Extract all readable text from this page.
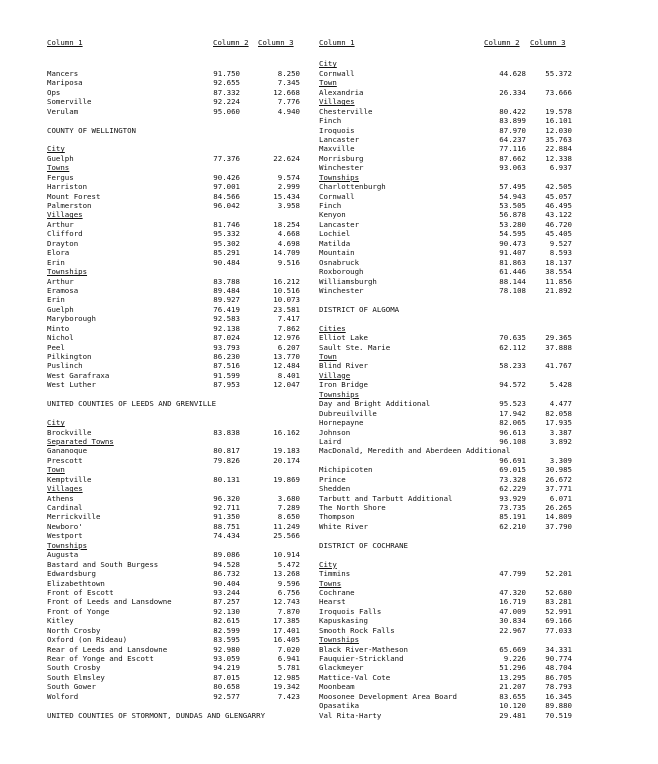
Column 1	Column 2 Column 3
Mancers	91.750	8.250
Mariposa	92.655	7.345
Ops	87.332	12.668
Somerville	92.224	7.776
Verulam	95.060	4.940
COUNTY OF WELLINGTON
City
Guelph	77.376	22.624
Towns
Fergus	90.426	9.574
Harriston	97.001	2.999
Mount Forest	84.566	15.434
Palmerston	96.042	3.958
Villages
Arthur	81.746	18.254
Clifford	95.332	4.668
Drayton	95.302	4.698
Elora	85.291	14.709
Erin	90.484	9.516
Townships
Arthur	83.788	16.212
Eramosa	89.484	10.516
Erin	89.927	10.073
Guelph	76.419	23.581
Maryborough	92.583	7.417
Minto	92.138	7.862
Nichol	87.024	12.976
Peel	93.793	6.207
Pilkington	86.230	13.770
Puslinch	87.516	12.484
West Garafraxa	91.599	8.401
West Luther	87.953	12.047
UNITED COUNTIES OF LEEDS AND GRENVILLE
City
Brockville	83.838	16.162
Separated Towns
Gananoque	80.817	19.183
Prescott	79.826	20.174
Town
Kemptville	80.131	19.869
Villages
Athens	96.320	3.680
Cardinal	92.711	7.289
Merrickville	91.350	8.650
Newboro'	88.751	11.249
Westport	74.434	25.566
Townships
Augusta	89.086	10.914
Bastard and South Burgess	94.528	5.472
Edwardsburg	86.732	13.268
Elizabethtown	90.404	9.596
Front of Escott	93.244	6.756
Front of Leeds and Lansdowne	87.257	12.743
Front of Yonge	92.130	7.870
Kitley	82.615	17.385
North Crosby	82.599	17.401
Oxford (on Rideau)	83.595	16.405
Rear of Leeds and Lansdowne	92.980	7.020
Rear of Yonge and Escott	93.059	6.941
South Crosby	94.219	5.781
South Elmsley	87.015	12.985
South Gower	80.658	19.342
Wolford	92.577	7.423
UNITED COUNTIES OF STORMONT, DUNDAS AND GLENGARRY
Column 1	Column 2 Column 3
City
Cornwall	44.628	55.372
Town
Alexandria	26.334	73.666
Villages
Chesterville	80.422	19.578
Finch	83.899	16.101
Iroquois	87.970	12.030
Lancaster	64.237	35.763
Maxville	77.116	22.884
Morrisburg	87.662	12.338
Winchester	93.063	6.937
Townships
Charlottenburgh	57.495	42.505
Cornwall	54.943	45.057
Finch	53.505	46.495
Kenyon	56.878	43.122
Lancaster	53.280	46.720
Lochiel	54.595	45.405
Matilda	90.473	9.527
Mountain	91.407	8.593
Osnabruck	81.863	18.137
Roxborough	61.446	38.554
Williamsburgh	88.144	11.856
Winchester	78.108	21.892
DISTRICT OF ALGOMA
Cities
Elliot Lake	70.635	29.365
Sault Ste. Marie	62.112	37.888
Town
Blind River	58.233	41.767
Village
Iron Bridge	94.572	5.428
Townships
Day and Bright Additional	95.523	4.477
Dubreuilville	17.942	82.058
Hornepayne	82.065	17.935
Johnson	96.613	3.387
Laird	96.108	3.892
MacDonald, Meredith and Aberdeen Additional
96.691	3.309
Michipicoten	69.015	30.985
Prince	73.328	26.672
Shedden	62.229	37.771
Tarbutt and Tarbutt Additional	93.929	6.071
The North Shore	73.735	26.265
Thompson	85.191	14.809
White River	62.210	37.790
DISTRICT OF COCHRANE
City
Timmins	47.799	52.201
Towns
Cochrane	47.320	52.680
Hearst	16.719	83.281
Iroquois Falls	47.009	52.991
Kapuskasing	30.834	69.166
Smooth Rock Falls	22.967	77.033
Townships
Black River-Matheson	65.669	34.331
Fauquier-Strickland	9.226	90.774
Glackmeyer	51.296	48.704
Mattice-Val Cote	13.295	86.705
Moonbeam	21.207	78.793
Moosonee Development Area Board	83.655	16.345
Opasatika	10.120	89.880
Val Rita-Harty	29.481	70.519
